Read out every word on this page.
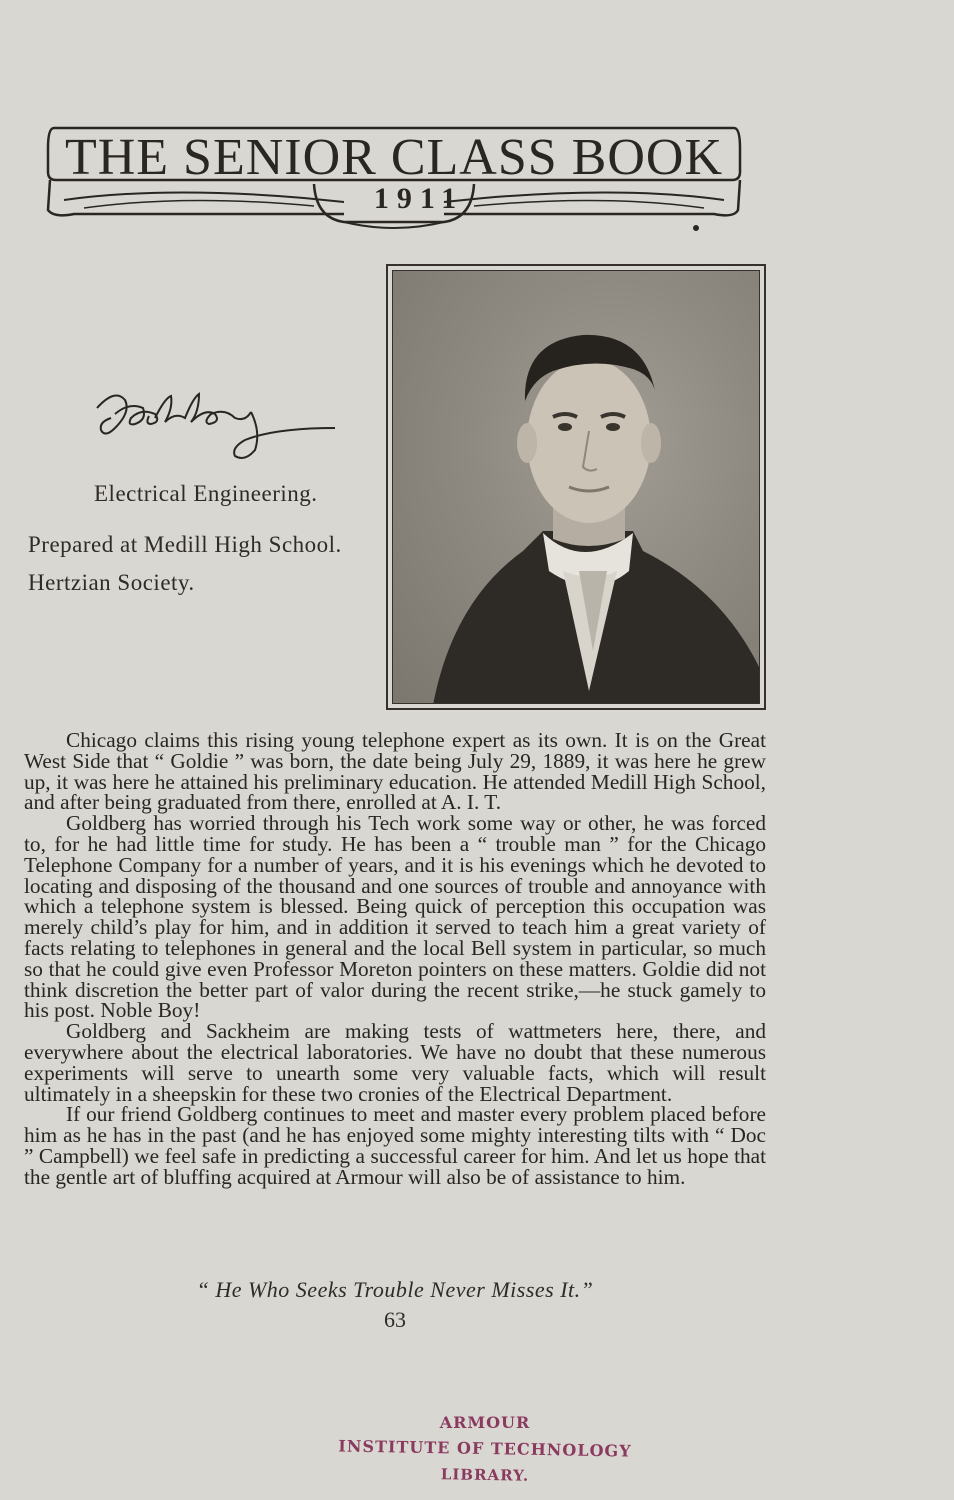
THE SENIOR CLASS BOOK
1911
Electrical Engineering.
Prepared at Medill High School.
Hertzian Society.

Chicago claims this rising young telephone expert as its own. It is on the Great West Side that “ Goldie ” was born, the date being July 29, 1889, it was here he grew up, it was here he attained his preliminary education. He attended Medill High School, and after being graduated from there, enrolled at A. I. T.

Goldberg has worried through his Tech work some way or other, he was forced to, for he had little time for study. He has been a “ trouble man ” for the Chicago Telephone Company for a number of years, and it is his evenings which he devoted to locating and disposing of the thousand and one sources of trouble and annoyance with which a telephone system is blessed. Being quick of perception this occupation was merely child’s play for him, and in addition it served to teach him a great variety of facts relating to telephones in general and the local Bell system in particular, so much so that he could give even Professor Moreton pointers on these matters. Goldie did not think discretion the better part of valor during the recent strike,—he stuck gamely to his post. Noble Boy!

Goldberg and Sackheim are making tests of wattmeters here, there, and everywhere about the electrical laboratories. We have no doubt that these numerous experiments will serve to unearth some very valuable facts, which will result ultimately in a sheepskin for these two cronies of the Electrical Department.

If our friend Goldberg continues to meet and master every problem placed before him as he has in the past (and he has enjoyed some mighty interesting tilts with “ Doc ” Campbell) we feel safe in predicting a successful career for him. And let us hope that the gentle art of bluffing acquired at Armour will also be of assistance to him.

“ He Who Seeks Trouble Never Misses It.”
63
ARMOUR
INSTITUTE OF TECHNOLOGY
LIBRARY.
